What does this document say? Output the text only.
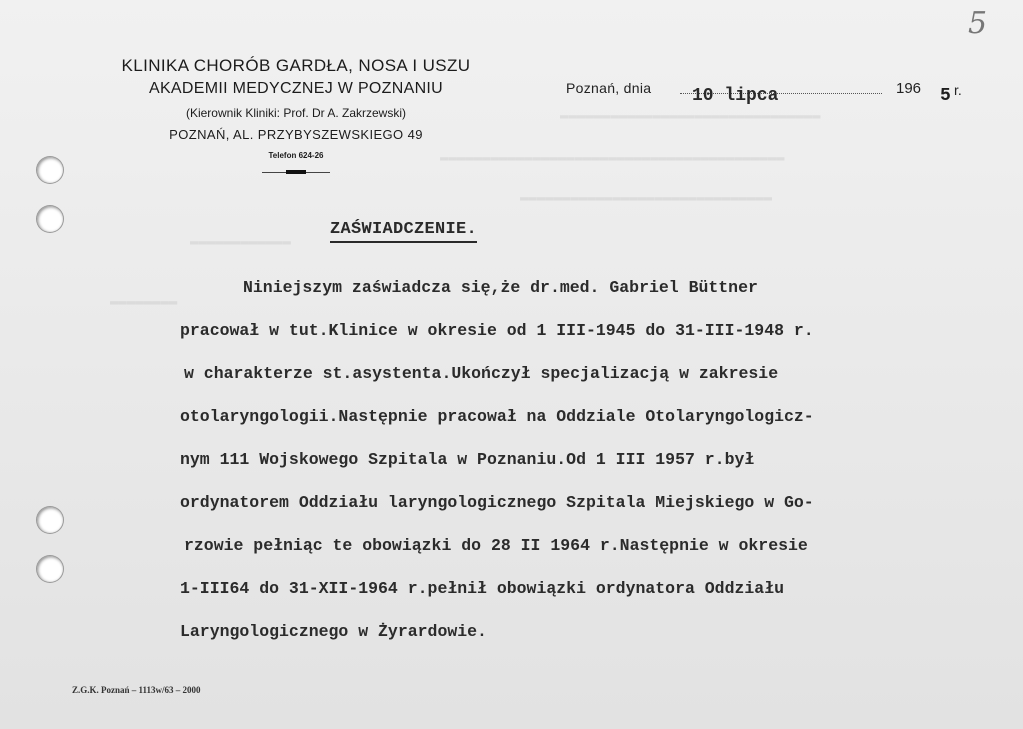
▬▬▬▬▬▬▬▬▬▬▬▬▬▬▬▬▬▬▬▬▬▬▬▬▬▬▬▬▬▬▬
▬▬▬▬▬▬▬▬▬▬▬▬▬▬▬▬▬▬▬▬▬▬▬▬▬▬▬▬▬▬▬▬▬▬▬▬▬▬▬▬▬
▬▬▬▬▬▬▬▬▬▬▬▬▬▬▬▬▬▬▬▬▬▬▬▬▬▬▬▬▬▬
▬▬▬▬▬▬▬▬▬▬▬▬
▬▬▬▬▬▬▬▬
5
KLINIKA CHORÓB GARDŁA, NOSA I USZU
AKADEMII MEDYCZNEJ W POZNANIU
(Kierownik Kliniki: Prof. Dr A. Zakrzewski)
POZNAŃ, AL. PRZYBYSZEWSKIEGO 49
Telefon 624-26
Poznań, dnia 10 lipca	196 5 r.
ZAŚWIADCZENIE.
Niniejszym zaświadcza się,że dr.med. Gabriel Büttner
pracował w tut.Klinice w okresie od 1 III-1945 do 31-III-1948 r.
w charakterze st.asystenta.Ukończył specjalizacją w zakresie
otolaryngologii.Następnie pracował na Oddziale Otolaryngologicz-
nym 111 Wojskowego Szpitala w Poznaniu.Od 1 III 1957 r.był
ordynatorem Oddziału laryngologicznego Szpitala Miejskiego w Go-
rzowie pełniąc te obowiązki do 28 II 1964 r.Następnie w okresie
1-III64 do 31-XII-1964 r.pełnił obowiązki ordynatora Oddziału
Laryngologicznego w Żyrardowie.
Z.G.K. Poznań – 1113w/63 – 2000
